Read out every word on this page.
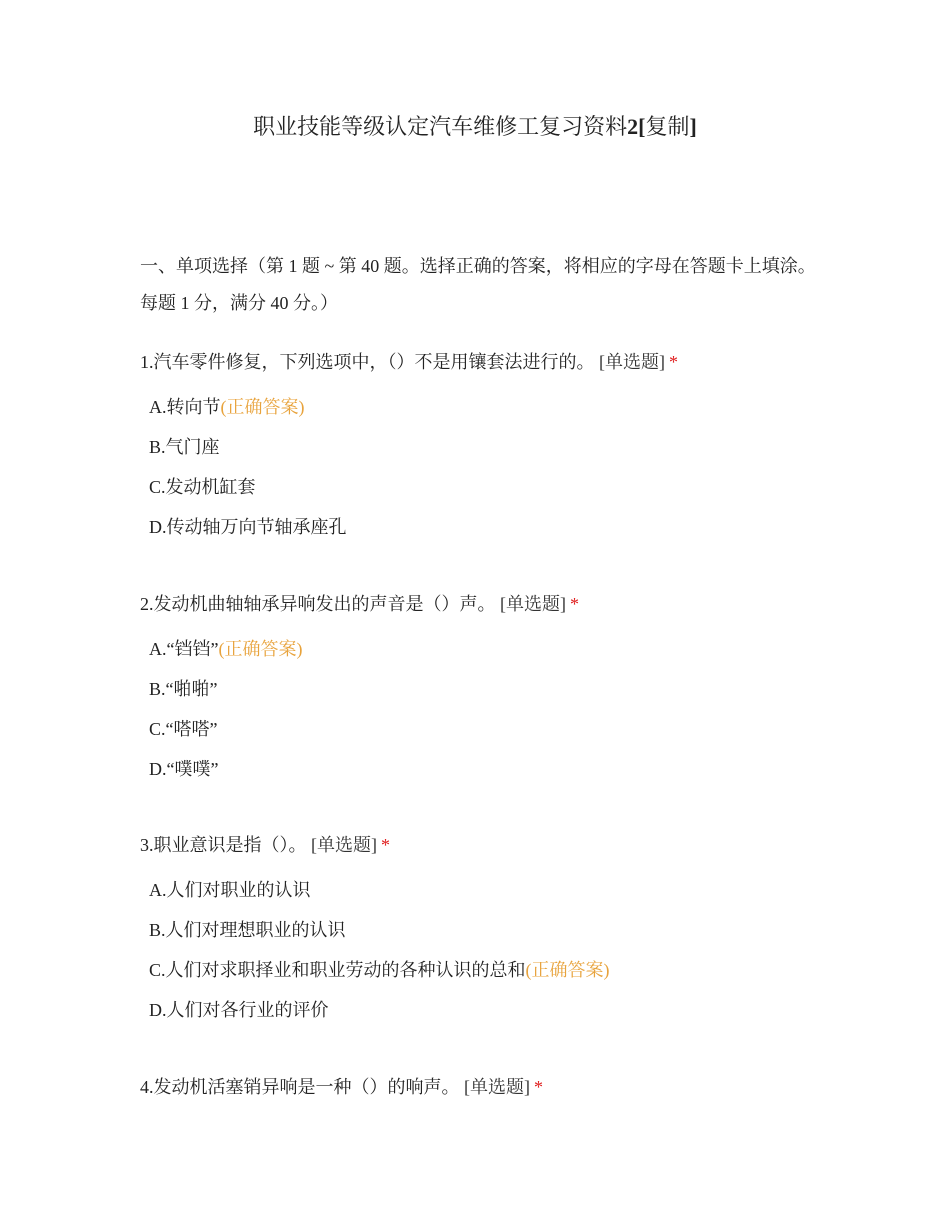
职业技能等级认定汽车维修工复习资料2[复制]
一、单项选择（第 1 题 ~ 第 40 题。选择正确的答案，将相应的字母在答题卡上填涂。每题 1 分，满分 40 分。）
1.汽车零件修复，下列选项中，（）不是用镶套法进行的。 [单选题] *
A.转向节(正确答案)
B.气门座
C.发动机缸套
D.传动轴万向节轴承座孔
2.发动机曲轴轴承异响发出的声音是（）声。 [单选题] *
A.“铛铛”(正确答案)
B.“啪啪”
C.“嗒嗒”
D.“噗噗”
3.职业意识是指（）。 [单选题] *
A.人们对职业的认识
B.人们对理想职业的认识
C.人们对求职择业和职业劳动的各种认识的总和(正确答案)
D.人们对各行业的评价
4.发动机活塞销异响是一种（）的响声。 [单选题] *
